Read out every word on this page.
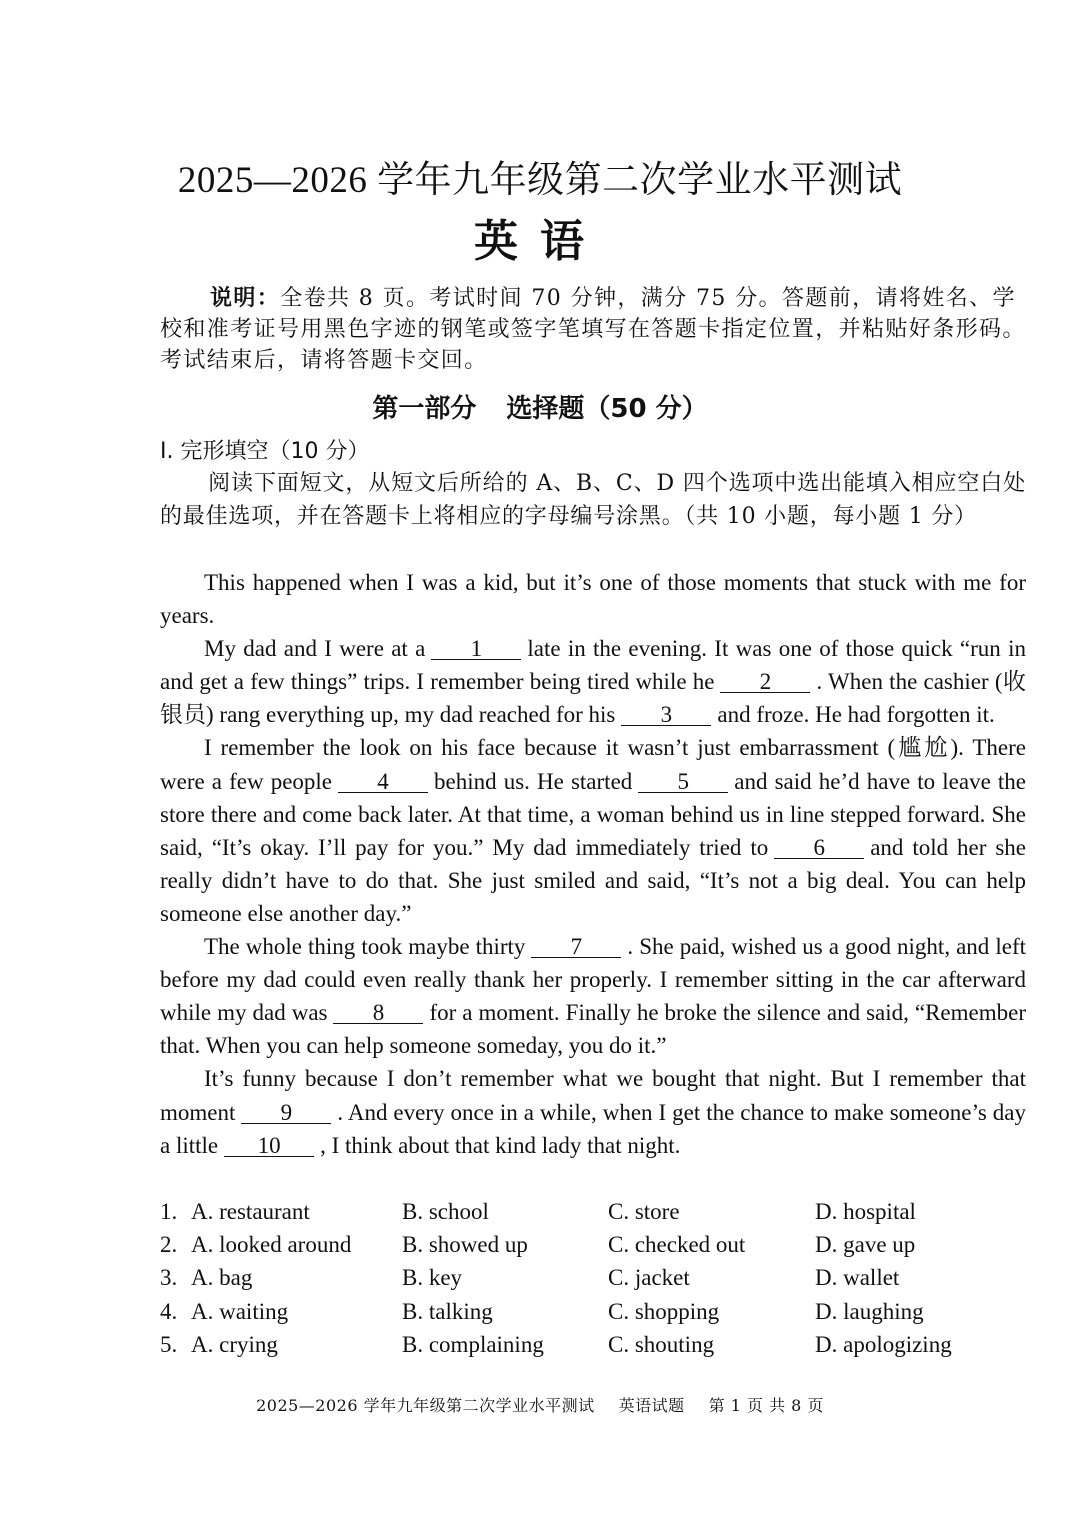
2025—2026 学年九年级第二次学业水平测试
英语
说明：全卷共 8 页。考试时间 70 分钟，满分 75 分。答题前，请将姓名、学校和准考证号用黑色字迹的钢笔或签字笔填写在答题卡指定位置，并粘贴好条形码。考试结束后，请将答题卡交回。
第一部分 选择题（50 分）
I. 完形填空（10 分）
阅读下面短文，从短文后所给的 A、B、C、D 四个选项中选出能填入相应空白处的最佳选项，并在答题卡上将相应的字母编号涂黑。（共 10 小题，每小题 1 分）

This happened when I was a kid, but it’s one of those moments that stuck with me for years.

My dad and I were at a 1 late in the evening. It was one of those quick “run in and get a few things” trips. I remember being tired while he 2 . When the cashier (收银员) rang everything up, my dad reached for his 3 and froze. He had forgotten it.

I remember the look on his face because it wasn’t just embarrassment (尴尬). There were a few people 4 behind us. He started 5 and said he’d have to leave the store there and come back later. At that time, a woman behind us in line stepped forward. She said, “It’s okay. I’ll pay for you.” My dad immediately tried to 6 and told her she really didn’t have to do that. She just smiled and said, “It’s not a big deal. You can help someone else another day.”

The whole thing took maybe thirty 7 . She paid, wished us a good night, and left before my dad could even really thank her properly. I remember sitting in the car afterward while my dad was 8 for a moment. Finally he broke the silence and said, “Remember that. When you can help someone someday, you do it.”

It’s funny because I don’t remember what we bought that night. But I remember that moment 9 . And every once in a while, when I get the chance to make someone’s day a little 10 , I think about that kind lady that night.

1. A. restaurant	B. school	C. store	D. hospital
2. A. looked around B. showed up	C. checked out	D. gave up
3. A. bag	B. key	C. jacket	D. wallet
4. A. waiting	B. talking	C. shopping	D. laughing
5. A. crying	B. complaining	C. shouting	D. apologizing
2025—2026 学年九年级第二次学业水平测试 英语试题 第 1 页 共 8 页
